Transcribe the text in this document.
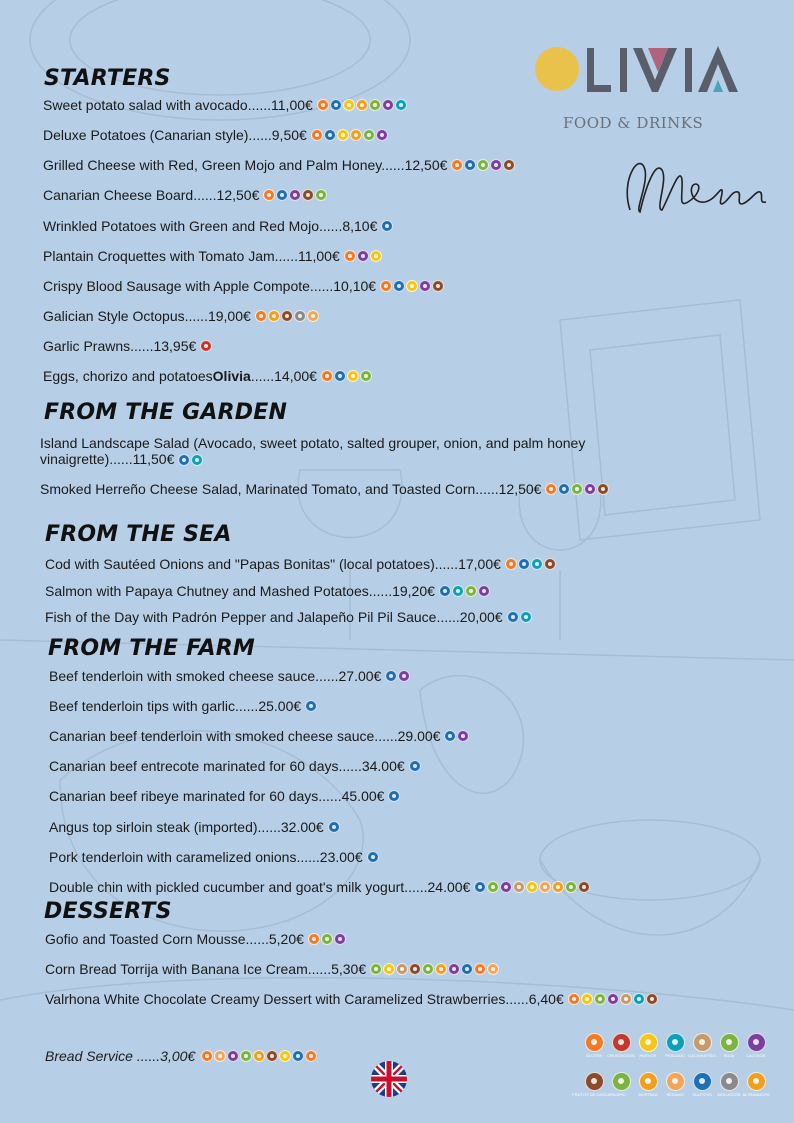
FOOD & DRINKS
STARTERS
Sweet potato salad with avocado......11,00€
Deluxe Potatoes (Canarian style)......9,50€
Grilled Cheese with Red, Green Mojo and Palm Honey......12,50€
Canarian Cheese Board......12,50€
Wrinkled Potatoes with Green and Red Mojo......8,10€
Plantain Croquettes with Tomato Jam......11,00€
Crispy Blood Sausage with Apple Compote......10,10€
Galician Style Octopus......19,00€
Garlic Prawns......13,95€
Eggs, chorizo and potatoes Olivia ......14,00€
FROM THE GARDEN
Island Landscape Salad (Avocado, sweet potato, salted grouper, onion, and palm honey vinaigrette)......11,50€
Smoked Herreño Cheese Salad, Marinated Tomato, and Toasted Corn......12,50€
FROM THE SEA
Cod with Sautéed Onions and "Papas Bonitas" (local potatoes)......17,00€
Salmon with Papaya Chutney and Mashed Potatoes......19,20€
Fish of the Day with Padrón Pepper and Jalapeño Pil Pil Sauce......20,00€
FROM THE FARM
Beef tenderloin with smoked cheese sauce......27.00€
Beef tenderloin tips with garlic......25.00€
Canarian beef tenderloin with smoked cheese sauce......29.00€
Canarian beef entrecote marinated for 60 days......34.00€
Canarian beef ribeye marinated for 60 days......45.00€
Angus top sirloin steak (imported)......32.00€
Pork tenderloin with caramelized onions......23.00€
Double chin with pickled cucumber and goat's milk yogurt......24.00€
DESSERTS
Gofio and Toasted Corn Mousse......5,20€
Corn Bread Torrija with Banana Ice Cream......5,30€
Valrhona White Chocolate Creamy Dessert with Caramelized Strawberries......6,40€
Bread Service ......3,00€	GLUTEN CRUSTACEOS HUEVOS PESCADO CACAHUETES SOJA	LACTEOS
FRUTOS DE CASCARA APIO	MOSTAZA SESAMO SULFITOS MOLUSCOS ALTRAMUCES
